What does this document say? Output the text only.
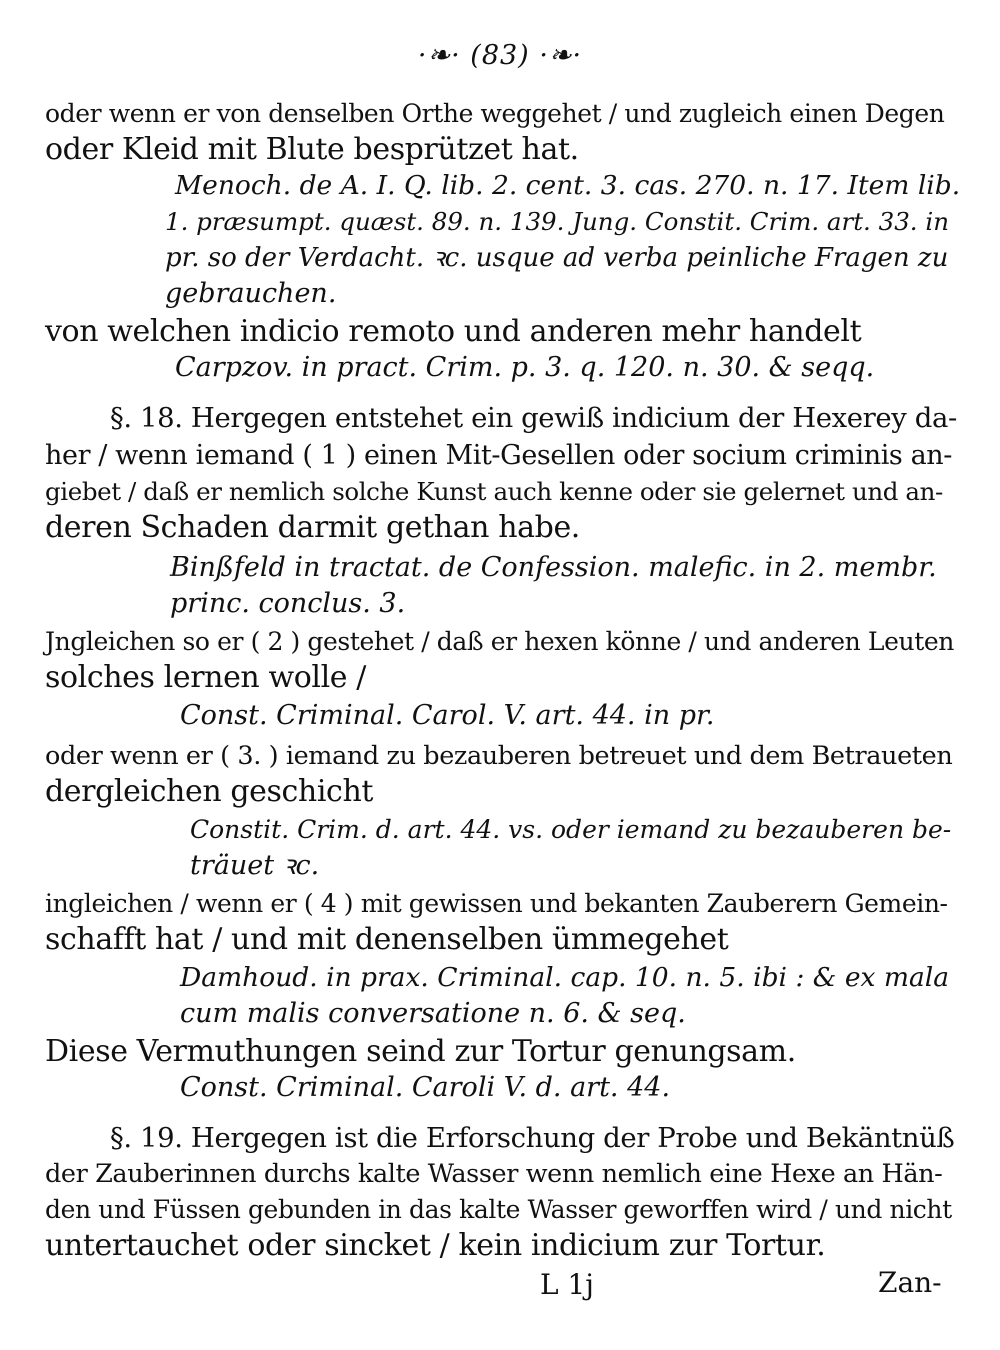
·❧· (83) ·❧·
oder wenn er von denselben Orthe weggehet / und zugleich einen Degen
oder Kleid mit Blute besprützet hat.
Menoch. de A. I. Q. lib. 2. cent. 3. cas. 270. n. 17. Item lib.
1. præsumpt. quæst. 89. n. 139. Jung. Constit. Crim. art. 33. in
pr. so der Verdacht. ꝛc. usque ad verba peinliche Fragen zu
gebrauchen.
von welchen indicio remoto und anderen mehr handelt
Carpzov. in pract. Crim. p. 3. q. 120. n. 30. & seqq.
§. 18. Hergegen entstehet ein gewiß indicium der Hexerey da-
her / wenn iemand ( 1 ) einen Mit-Gesellen oder socium criminis an-
giebet / daß er nemlich solche Kunst auch kenne oder sie gelernet und an-
deren Schaden darmit gethan habe.
Binßfeld in tractat. de Confession. malefic. in 2. membr.
princ. conclus. 3.
Jngleichen so er ( 2 ) gestehet / daß er hexen könne / und anderen Leuten
solches lernen wolle /
Const. Criminal. Carol. V. art. 44. in pr.
oder wenn er ( 3. ) iemand zu bezauberen betreuet und dem Betraueten
dergleichen geschicht
Constit. Crim. d. art. 44. vs. oder iemand zu bezauberen be-
träuet ꝛc.
ingleichen / wenn er ( 4 ) mit gewissen und bekanten Zauberern Gemein-
schafft hat / und mit denenselben ümmegehet
Damhoud. in prax. Criminal. cap. 10. n. 5. ibi : & ex mala
cum malis conversatione n. 6. & seq.
Diese Vermuthungen seind zur Tortur genungsam.
Const. Criminal. Caroli V. d. art. 44.
§. 19. Hergegen ist die Erforschung der Probe und Bekäntnüß
der Zauberinnen durchs kalte Wasser wenn nemlich eine Hexe an Hän-
den und Füssen gebunden in das kalte Wasser geworffen wird / und nicht
untertauchet oder sincket / kein indicium zur Tortur.
L 1j	Zan-
